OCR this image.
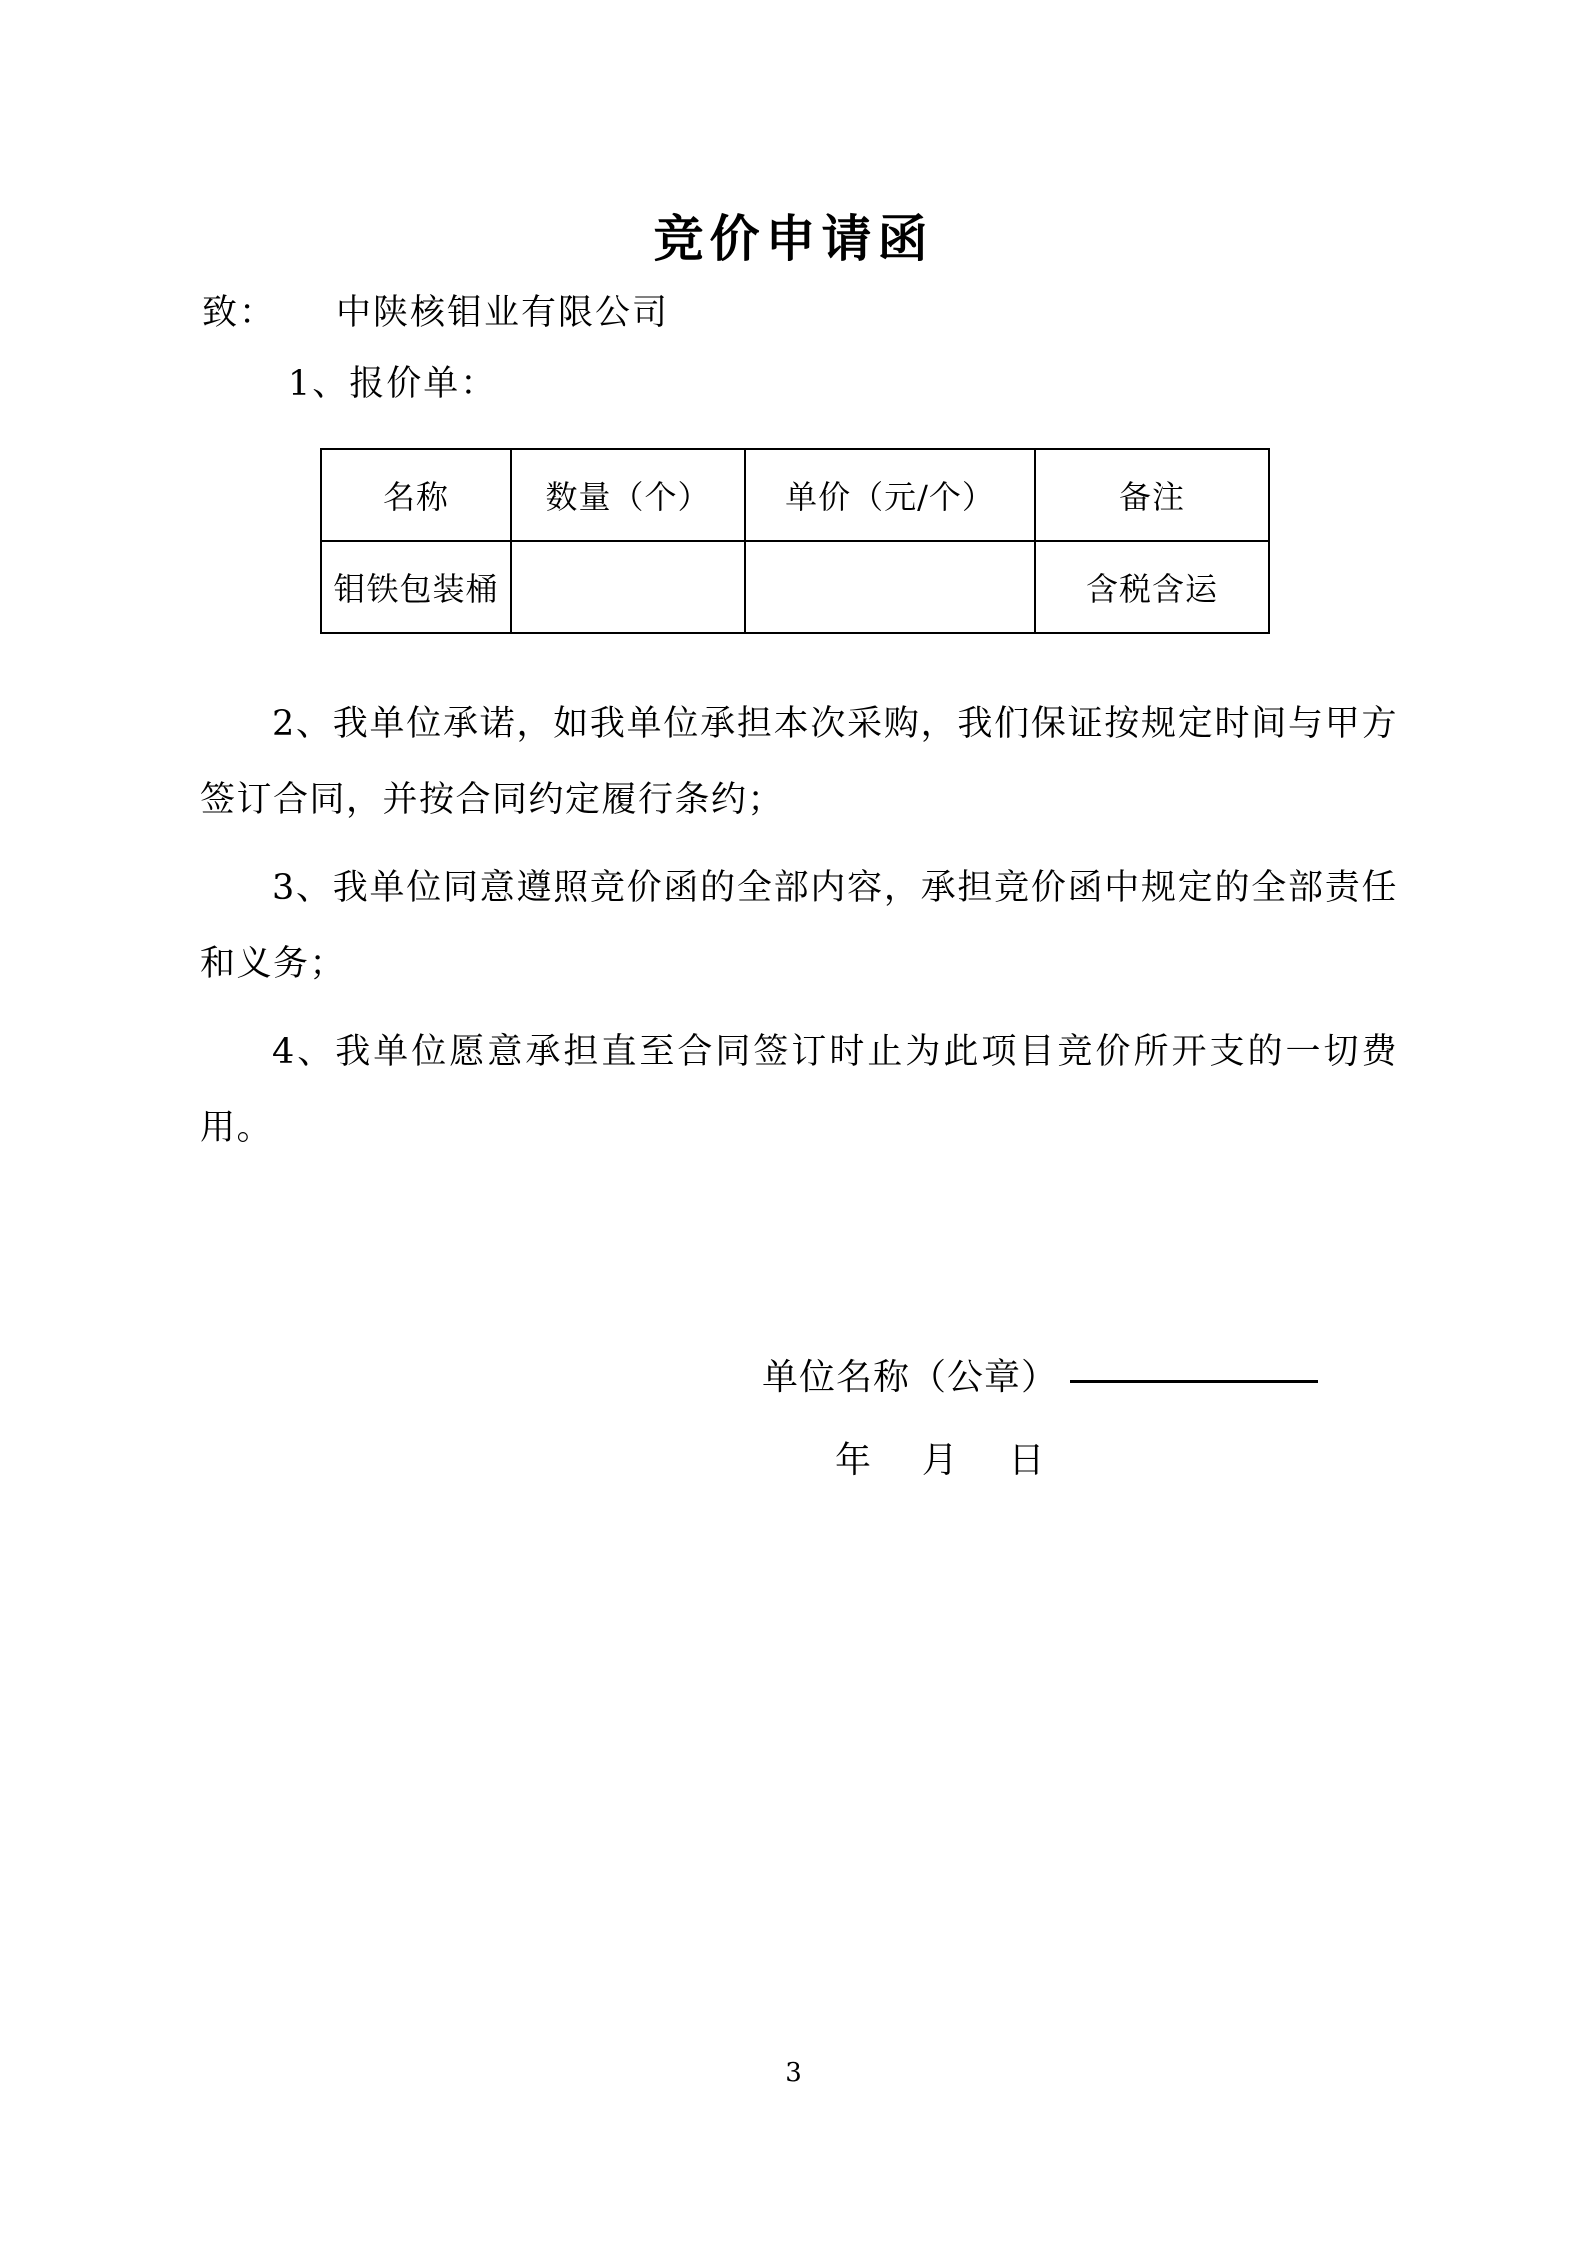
竞价申请函
致： 中陕核钼业有限公司
1、报价单：
名称	数量（个）	单价（元/个）	备注
钼铁包装桶			含税含运

2、我单位承诺，如我单位承担本次采购，我们保证按规定时间与甲方签订合同，并按合同约定履行条约；

3、我单位同意遵照竞价函的全部内容，承担竞价函中规定的全部责任和义务；

4、我单位愿意承担直至合同签订时止为此项目竞价所开支的一切费用。

单位名称（公章）
年    月    日
3
